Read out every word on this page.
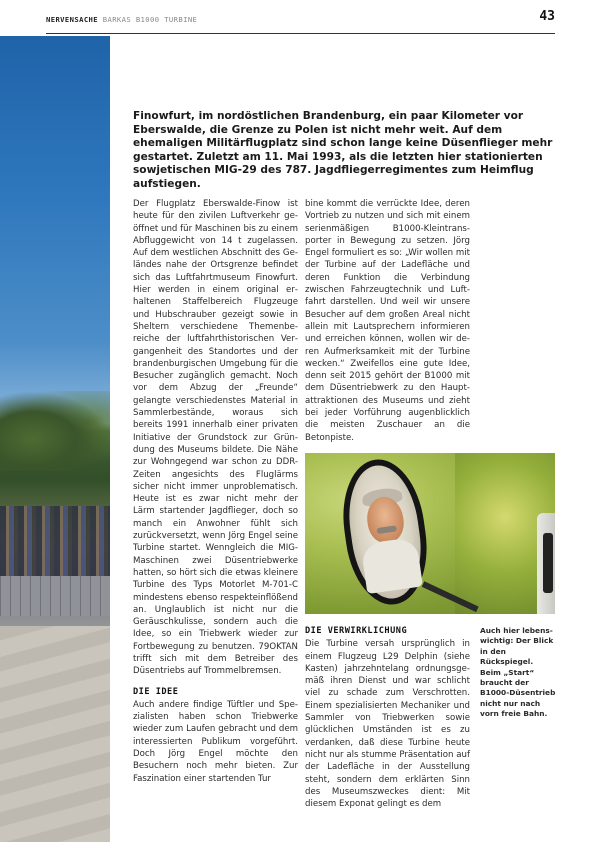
NERVENSACHE BARKAS B1000 TURBINE	43
Finowfurt, im nordöstlichen Brandenburg, ein paar Kilometer vor Eberswalde, die Grenze zu Polen ist nicht mehr weit. Auf dem ehemaligen Militärflugplatz sind schon lange keine Düsenflieger mehr gestartet. Zuletzt am 11. Mai 1993, als die letzten hier stationierten sowjetischen MIG-29 des 787. Jagdfliegerregimentes zum Heimflug aufstiegen.

Der Flugplatz Eberswalde-Finow ist heute für den zivilen Luftverkehr geöffnet und für Maschinen bis zu einem Abfluggewicht von 14 t zugelassen. Auf dem westlichen Abschnitt des Geländes nahe der Ortsgrenze befindet sich das Luftfahrtmuseum Finowfurt. Hier werden in einem original erhaltenen Staffelbereich Flugzeuge und Hubschrauber gezeigt sowie in Sheltern verschiedene Themenbereiche der luftfahrthistorischen Vergangenheit des Standortes und der brandenburgischen Umgebung für die Besucher zugänglich gemacht. Noch vor dem Abzug der „Freunde“ gelangte verschiedenstes Material in Sammlerbestände, woraus sich bereits 1991 innerhalb einer privaten Initiative der Grundstock zur Gründung des Museums bildete. Die Nähe zur Wohngegend war schon zu DDR-Zeiten angesichts des Fluglärms sicher nicht immer unproblematisch. Heute ist es zwar nicht mehr der Lärm startender Jagdflieger, doch so manch ein Anwohner fühlt sich zurückversetzt, wenn Jörg Engel seine Turbine startet. Wenngleich die MIG-Maschinen zwei Düsentriebwerke hatten, so hört sich die etwas kleinere Turbine des Typs Motorlet M-701-C mindestens ebenso respekteinflößend an. Unglaublich ist nicht nur die Geräuschkulisse, sondern auch die Idee, so ein Triebwerk wieder zur Fortbewegung zu benutzen. 79OKTAN trifft sich mit dem Betreiber des Düsentriebs auf Trommelbremsen.

DIE IDEE

Auch andere findige Tüftler und Spezialisten haben schon Triebwerke wieder zum Laufen gebracht und dem interessierten Publikum vorgeführt. Doch Jörg Engel möchte den Besuchern noch mehr bieten. Zur Faszination einer startenden Tur

bine kommt die verrückte Idee, deren Vortrieb zu nutzen und sich mit einem serienmäßigen B1000-Kleintransporter in Bewegung zu setzen. Jörg Engel formuliert es so: „Wir wollen mit der Turbine auf der Ladefläche und deren Funktion die Verbindung zwischen Fahrzeugtechnik und Luftfahrt darstellen. Und weil wir unsere Besucher auf dem großen Areal nicht allein mit Lautsprechern informieren und erreichen können, wollen wir deren Aufmerksamkeit mit der Turbine wecken.“ Zweifellos eine gute Idee, denn seit 2015 gehört der B1000 mit dem Düsentriebwerk zu den Hauptattraktionen des Museums und zieht bei jeder Vorführung augenblicklich die meisten Zuschauer an die Betonpiste.

DIE VERWIRKLICHUNG

Die Turbine versah ursprünglich in einem Flugzeug L29 Delphin (siehe Kasten) jahrzehntelang ordnungsgemäß ihren Dienst und war schlicht viel zu schade zum Verschrotten. Einem spezialisierten Mechaniker und Sammler von Triebwerken sowie glücklichen Umständen ist es zu verdanken, daß diese Turbine heute nicht nur als stumme Präsentation auf der Ladefläche in der Ausstellung steht, sondern dem erklärten Sinn des Museumszweckes dient: Mit diesem Exponat gelingt es dem

Auch hier lebenswichtig: Der Blick in den Rückspiegel. Beim „Start“ braucht der B1000-Düsentrieb nicht nur nach vorn freie Bahn.
